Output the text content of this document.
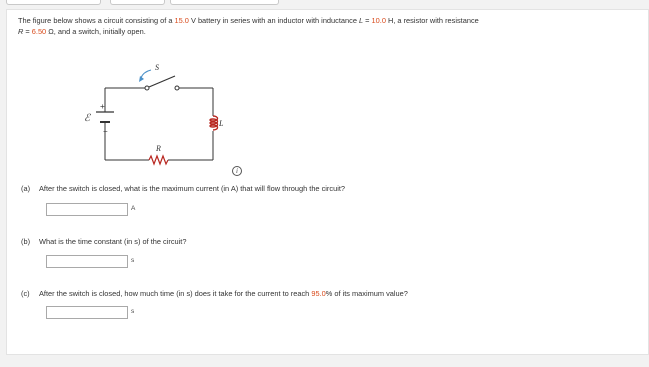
The figure below shows a circuit consisting of a 15.0 V battery in series with an inductor with inductance L = 10.0 H, a resistor with resistance
R = 6.50 Ω, and a switch, initially open.
+
−
ℰ
S
L
R
i
(a) After the switch is closed, what is the maximum current (in A) that will flow through the circuit?
A
(b) What is the time constant (in s) of the circuit?
s
(c) After the switch is closed, how much time (in s) does it take for the current to reach 95.0% of its maximum value?
s
